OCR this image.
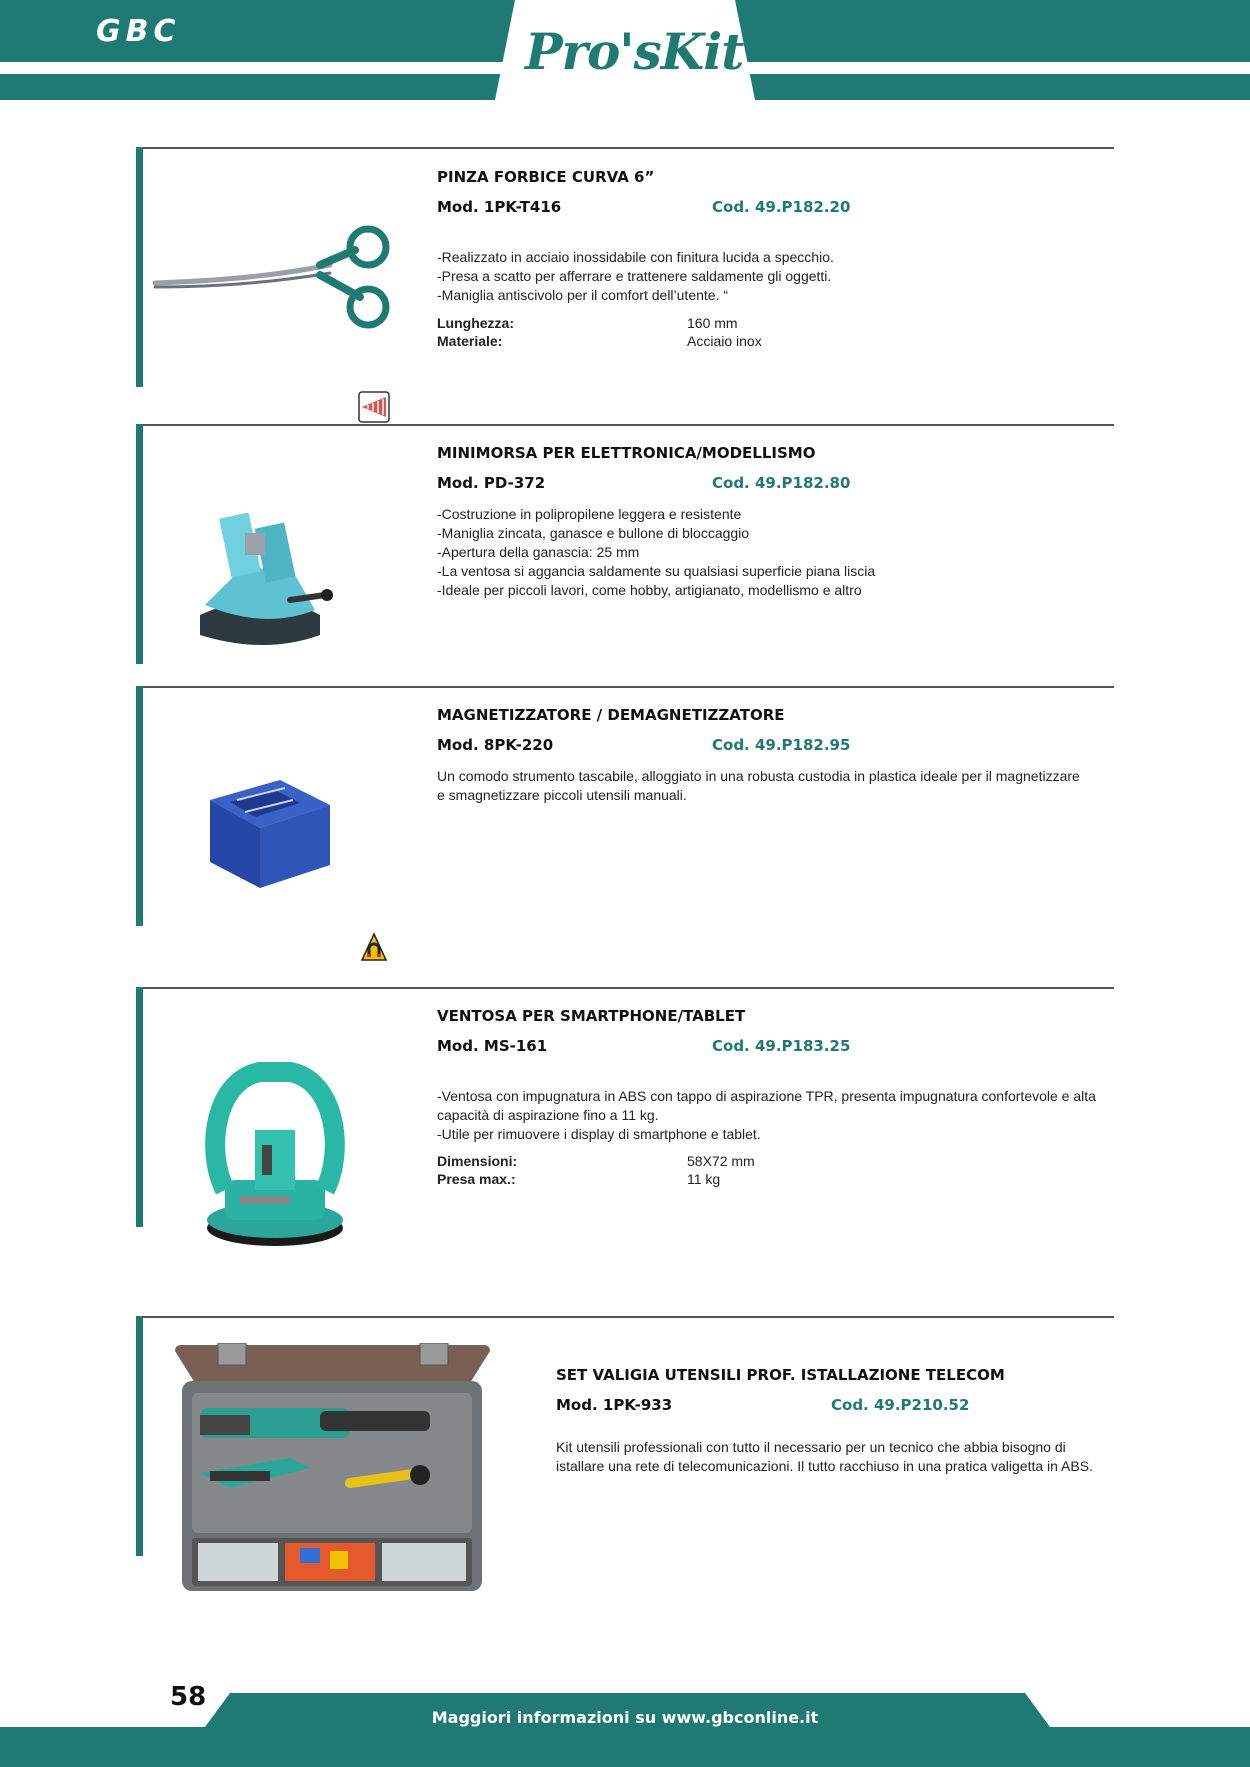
GBC	Pro'sKit®
PINZA FORBICE CURVA 6”
Mod. 1PK-T416	Cod. 49.P182.20
-Realizzato in acciaio inossidabile con finitura lucida a specchio.
-Presa a scatto per afferrare e trattenere saldamente gli oggetti.
-Maniglia antiscivolo per il comfort dell’utente. “
Lunghezza:	160 mm
Materiale:	Acciaio inox
MINIMORSA PER ELETTRONICA/MODELLISMO
Mod. PD-372	Cod. 49.P182.80
-Costruzione in polipropilene leggera e resistente
-Maniglia zincata, ganasce e bullone di bloccaggio
-Apertura della ganascia: 25 mm
-La ventosa si aggancia saldamente su qualsiasi superficie piana liscia
-Ideale per piccoli lavori, come hobby, artigianato, modellismo e altro
MAGNETIZZATORE / DEMAGNETIZZATORE
Mod. 8PK-220	Cod. 49.P182.95
Un comodo strumento tascabile, alloggiato in una robusta custodia in plastica ideale per il magnetizzare e smagnetizzare piccoli utensili manuali.
VENTOSA PER SMARTPHONE/TABLET
Mod. MS-161	Cod. 49.P183.25
-Ventosa con impugnatura in ABS con tappo di aspirazione TPR, presenta impugnatura confortevole e alta capacità di aspirazione fino a 11 kg.
-Utile per rimuovere i display di smartphone e tablet.
Dimensioni:	58X72 mm
Presa max.:	11 kg
SET VALIGIA UTENSILI PROF. ISTALLAZIONE TELECOM
Mod. 1PK-933	Cod. 49.P210.52
Kit utensili professionali con tutto il necessario per un tecnico che abbia bisogno di istallare una rete di telecomunicazioni. Il tutto racchiuso in una pratica valigetta in ABS.
58
Maggiori informazioni su www.gbconline.it
